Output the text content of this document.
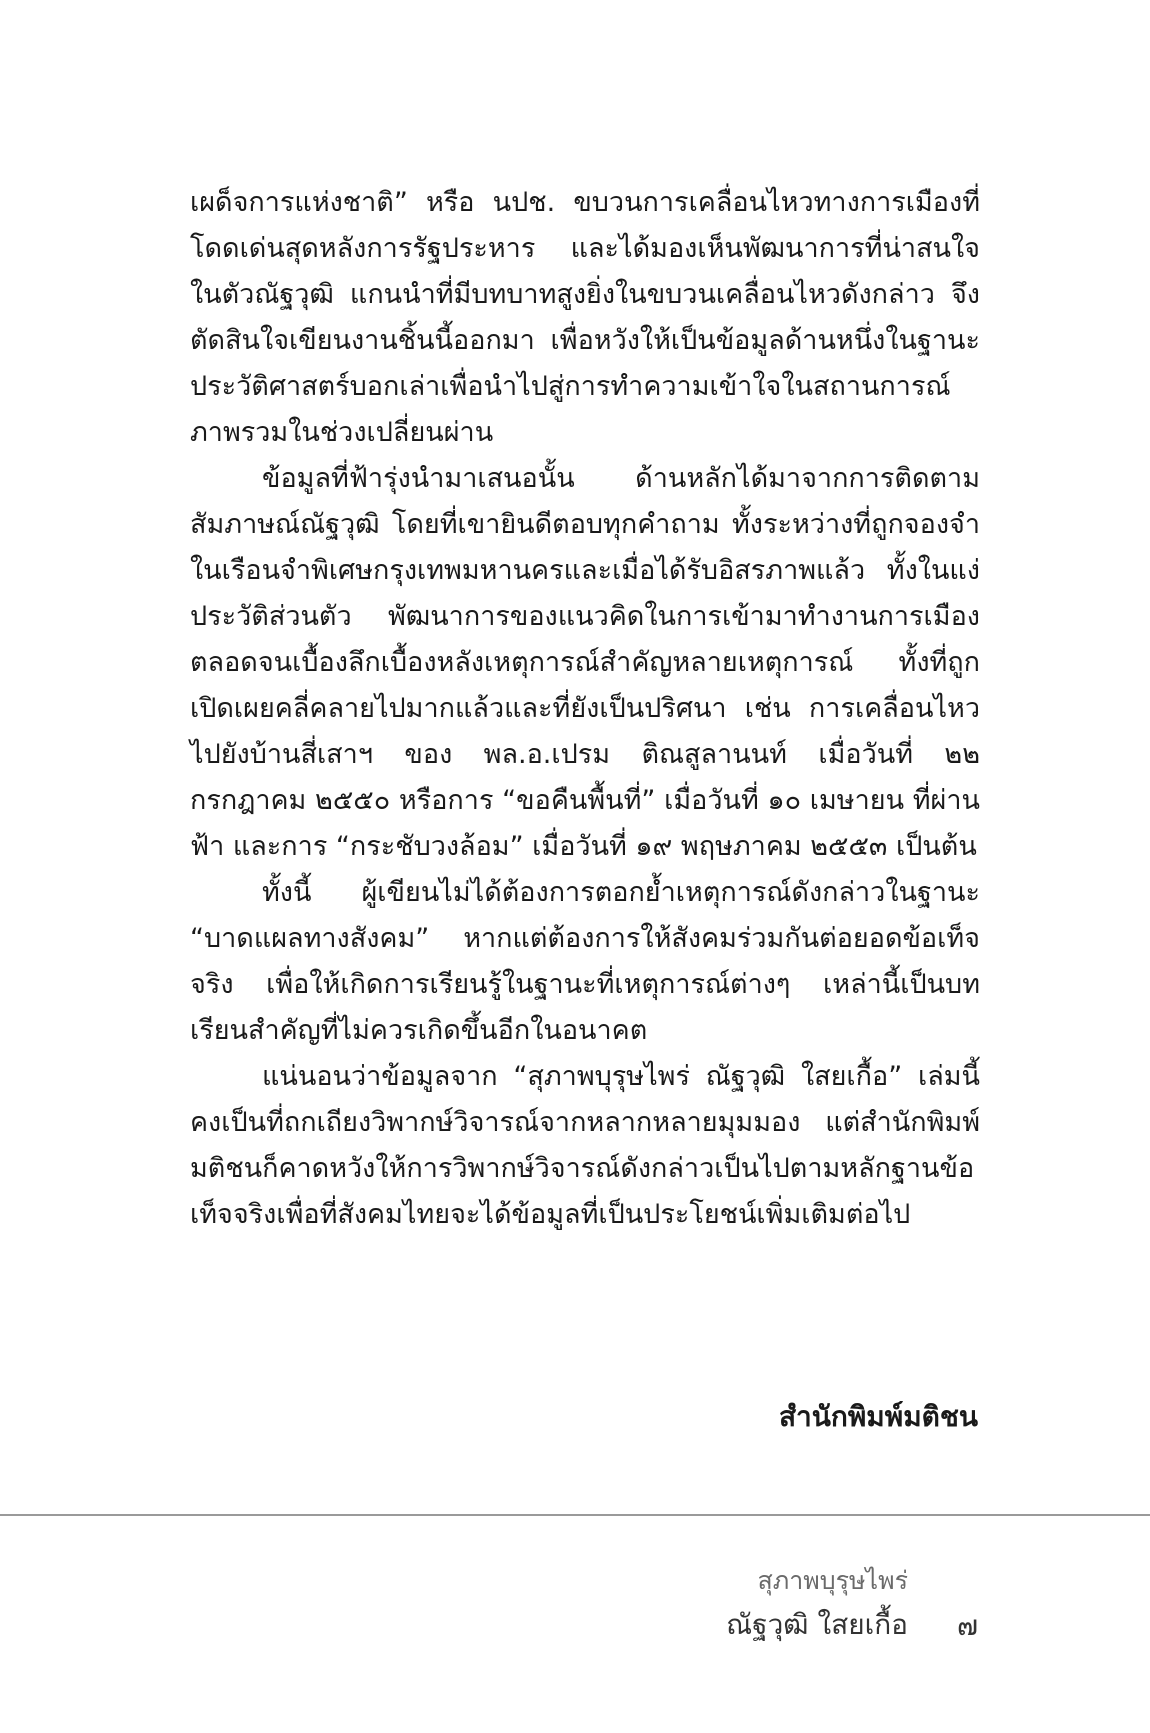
เผด็จการแห่งชาติ” หรือ นปช. ขบวนการเคลื่อนไหวทางการเมืองที่โดดเด่นสุดหลังการรัฐประหาร และได้มองเห็นพัฒนาการที่น่าสนใจในตัวณัฐวุฒิ แกนนำที่มีบทบาทสูงยิ่งในขบวนเคลื่อนไหวดังกล่าว จึงตัดสินใจเขียนงานชิ้นนี้ออกมา เพื่อหวังให้เป็นข้อมูลด้านหนึ่งในฐานะประวัติศาสตร์บอกเล่าเพื่อนำไปสู่การทำความเข้าใจในสถานการณ์ภาพรวมในช่วงเปลี่ยนผ่าน

ข้อมูลที่ฟ้ารุ่งนำมาเสนอนั้น ด้านหลักได้มาจากการติดตามสัมภาษณ์ณัฐวุฒิ โดยที่เขายินดีตอบทุกคำถาม ทั้งระหว่างที่ถูกจองจำในเรือนจำพิเศษกรุงเทพมหานครและเมื่อได้รับอิสรภาพแล้ว ทั้งในแง่ประวัติส่วนตัว พัฒนาการของแนวคิดในการเข้ามาทำงานการเมืองตลอดจนเบื้องลึกเบื้องหลังเหตุการณ์สำคัญหลายเหตุการณ์ ทั้งที่ถูกเปิดเผยคลี่คลายไปมากแล้วและที่ยังเป็นปริศนา เช่น การเคลื่อนไหวไปยังบ้านสี่เสาฯ ของ พล.อ.เปรม ติณสูลานนท์ เมื่อวันที่ ๒๒ กรกฎาคม ๒๕๕๐ หรือการ “ขอคืนพื้นที่” เมื่อวันที่ ๑๐ เมษายน ที่ผ่านฟ้า และการ “กระชับวงล้อม” เมื่อวันที่ ๑๙ พฤษภาคม ๒๕๕๓ เป็นต้น

ทั้งนี้ ผู้เขียนไม่ได้ต้องการตอกย้ำเหตุการณ์ดังกล่าวในฐานะ “บาดแผลทางสังคม” หากแต่ต้องการให้สังคมร่วมกันต่อยอดข้อเท็จจริง เพื่อให้เกิดการเรียนรู้ในฐานะที่เหตุการณ์ต่างๆ เหล่านี้เป็นบทเรียนสำคัญที่ไม่ควรเกิดขึ้นอีกในอนาคต

แน่นอนว่าข้อมูลจาก “สุภาพบุรุษไพร่ ณัฐวุฒิ ใสยเกื้อ” เล่มนี้คงเป็นที่ถกเถียงวิพากษ์วิจารณ์จากหลากหลายมุมมอง แต่สำนักพิมพ์มติชนก็คาดหวังให้การวิพากษ์วิจารณ์ดังกล่าวเป็นไปตามหลักฐานข้อเท็จจริงเพื่อที่สังคมไทยจะได้ข้อมูลที่เป็นประโยชน์เพิ่มเติมต่อไป

สำนักพิมพ์มติชน
สุภาพบุรุษไพร่
ณัฐวุฒิ ใสยเกื้อ ๗
